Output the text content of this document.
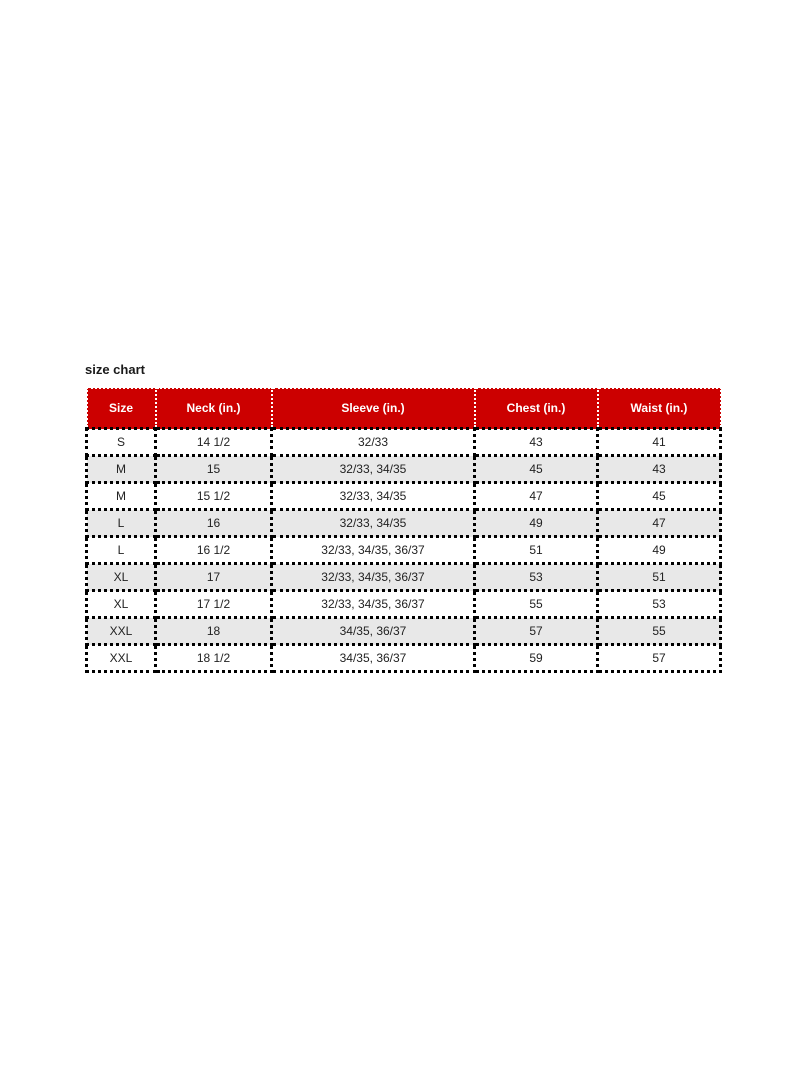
size chart
Size	Neck (in.)	Sleeve (in.)	Chest (in.)	Waist (in.)
S	14 1/2	32/33	43	41
M	15	32/33, 34/35	45	43
M	15 1/2	32/33, 34/35	47	45
L	16	32/33, 34/35	49	47
L	16 1/2	32/33, 34/35, 36/37	51	49
XL	17	32/33, 34/35, 36/37	53	51
XL	17 1/2	32/33, 34/35, 36/37	55	53
XXL	18	34/35, 36/37	57	55
XXL	18 1/2	34/35, 36/37	59	57
